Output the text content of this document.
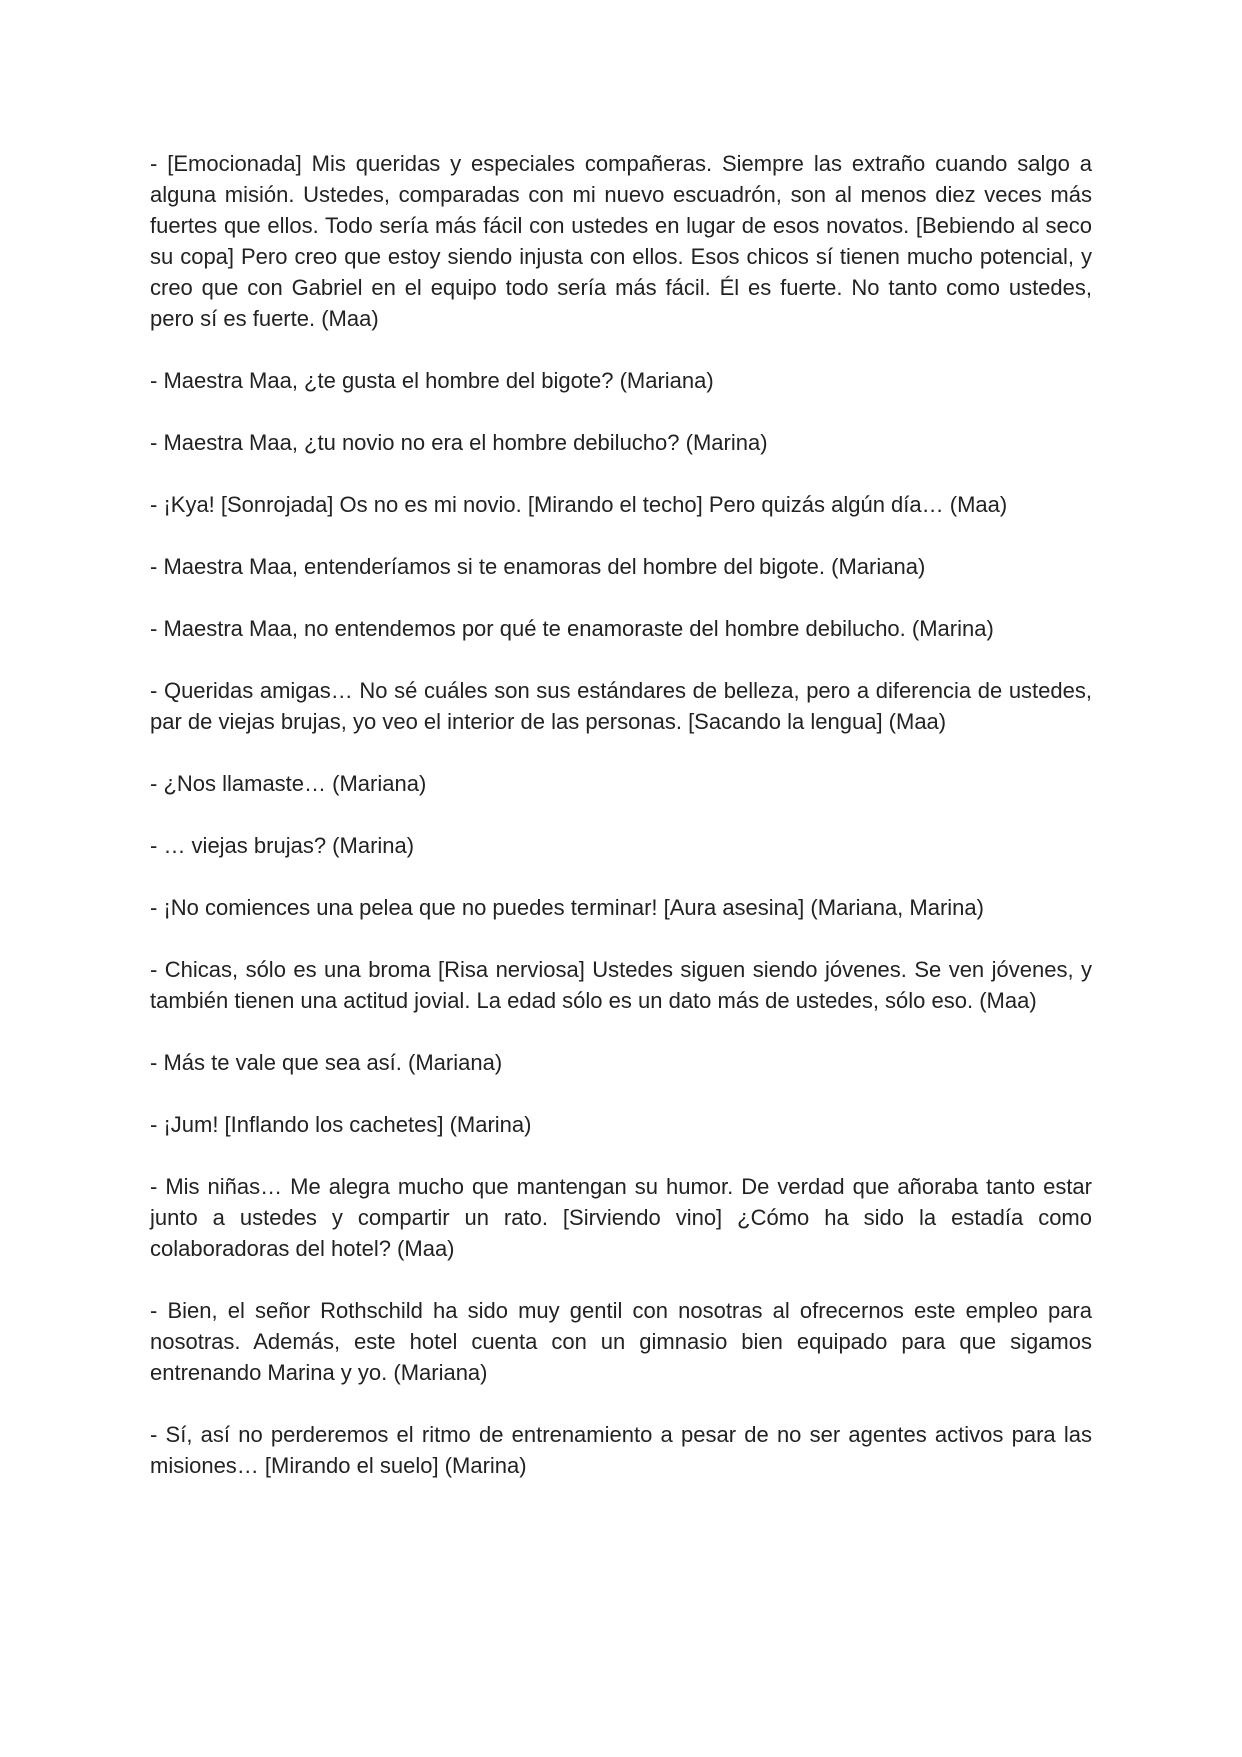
- [Emocionada] Mis queridas y especiales compañeras. Siempre las extraño cuando salgo a alguna misión. Ustedes, comparadas con mi nuevo escuadrón, son al menos diez veces más fuertes que ellos. Todo sería más fácil con ustedes en lugar de esos novatos. [Bebiendo al seco su copa] Pero creo que estoy siendo injusta con ellos. Esos chicos sí tienen mucho potencial, y creo que con Gabriel en el equipo todo sería más fácil. Él es fuerte. No tanto como ustedes, pero sí es fuerte. (Maa)

- Maestra Maa, ¿te gusta el hombre del bigote? (Mariana)

- Maestra Maa, ¿tu novio no era el hombre debilucho? (Marina)

- ¡Kya! [Sonrojada] Os no es mi novio. [Mirando el techo] Pero quizás algún día… (Maa)

- Maestra Maa, entenderíamos si te enamoras del hombre del bigote. (Mariana)

- Maestra Maa, no entendemos por qué te enamoraste del hombre debilucho. (Marina)

- Queridas amigas… No sé cuáles son sus estándares de belleza, pero a diferencia de ustedes, par de viejas brujas, yo veo el interior de las personas. [Sacando la lengua] (Maa)

- ¿Nos llamaste… (Mariana)

- … viejas brujas? (Marina)

- ¡No comiences una pelea que no puedes terminar! [Aura asesina] (Mariana, Marina)

- Chicas, sólo es una broma [Risa nerviosa] Ustedes siguen siendo jóvenes. Se ven jóvenes, y también tienen una actitud jovial. La edad sólo es un dato más de ustedes, sólo eso. (Maa)

- Más te vale que sea así. (Mariana)

- ¡Jum! [Inflando los cachetes] (Marina)

- Mis niñas… Me alegra mucho que mantengan su humor. De verdad que añoraba tanto estar junto a ustedes y compartir un rato. [Sirviendo vino] ¿Cómo ha sido la estadía como colaboradoras del hotel? (Maa)

- Bien, el señor Rothschild ha sido muy gentil con nosotras al ofrecernos este empleo para nosotras. Además, este hotel cuenta con un gimnasio bien equipado para que sigamos entrenando Marina y yo. (Mariana)

- Sí, así no perderemos el ritmo de entrenamiento a pesar de no ser agentes activos para las misiones… [Mirando el suelo] (Marina)
